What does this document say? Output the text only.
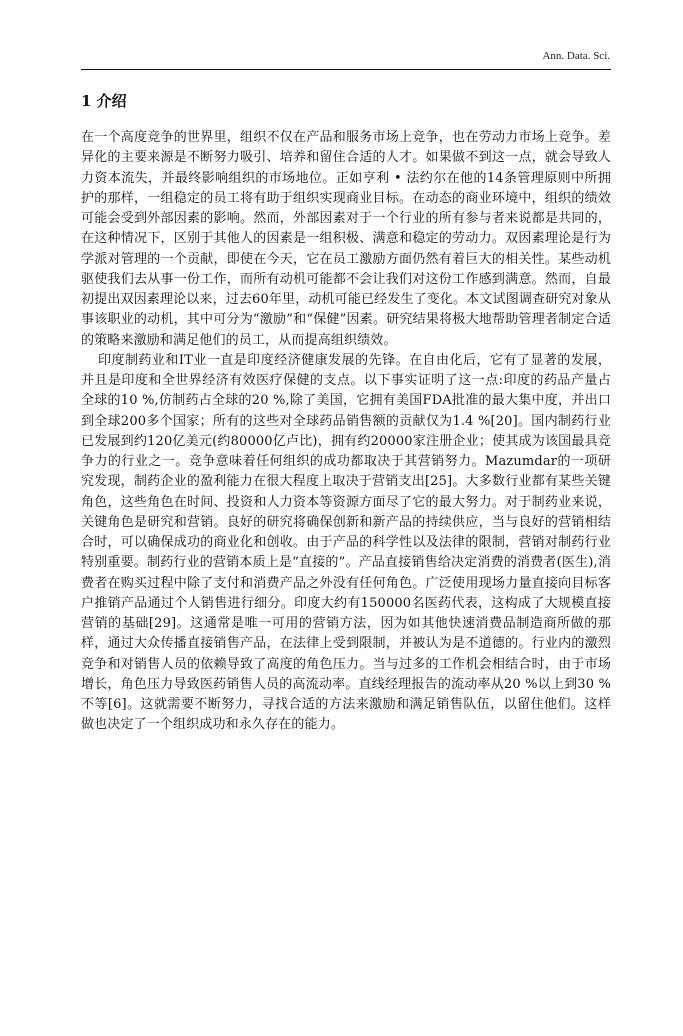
Ann. Data. Sci.
1 介绍

在一个高度竞争的世界里，组织不仅在产品和服务市场上竞争，也在劳动力市场上竞争。差异化的主要来源是不断努力吸引、培养和留住合适的人才。如果做不到这一点，就会导致人力资本流失，并最终影响组织的市场地位。正如亨利 • 法约尔在他的14条管理原则中所拥护的那样，一组稳定的员工将有助于组织实现商业目标。在动态的商业环境中，组织的绩效可能会受到外部因素的影响。然而，外部因素对于一个行业的所有参与者来说都是共同的，在这种情况下，区别于其他人的因素是一组积极、满意和稳定的劳动力。双因素理论是行为学派对管理的一个贡献，即使在今天，它在员工激励方面仍然有着巨大的相关性。某些动机驱使我们去从事一份工作，而所有动机可能都不会让我们对这份工作感到满意。然而，自最初提出双因素理论以来，过去60年里，动机可能已经发生了变化。本文试图调查研究对象从事该职业的动机，其中可分为“激励”和“保健”因素。研究结果将极大地帮助管理者制定合适的策略来激励和满足他们的员工，从而提高组织绩效。

印度制药业和IT业一直是印度经济健康发展的先锋。在自由化后，它有了显著的发展，并且是印度和全世界经济有效医疗保健的支点。以下事实证明了这一点:印度的药品产量占全球的10 %,仿制药占全球的20 %,除了美国，它拥有美国FDA批准的最大集中度，并出口到全球200多个国家；所有的这些对全球药品销售额的贡献仅为1.4 %[20]。国内制药行业已发展到约120亿美元(约80000亿卢比)，拥有约20000家注册企业；使其成为该国最具竞争力的行业之一。竞争意味着任何组织的成功都取决于其营销努力。Mazumdar的一项研究发现，制药企业的盈利能力在很大程度上取决于营销支出[25]。大多数行业都有某些关键角色，这些角色在时间、投资和人力资本等资源方面尽了它的最大努力。对于制药业来说，关键角色是研究和营销。良好的研究将确保创新和新产品的持续供应，当与良好的营销相结合时，可以确保成功的商业化和创收。由于产品的科学性以及法律的限制，营销对制药行业特别重要。制药行业的营销本质上是“直接的”。产品直接销售给决定消费的消费者(医生),消费者在购买过程中除了支付和消费产品之外没有任何角色。广泛使用现场力量直接向目标客户推销产品通过个人销售进行细分。印度大约有150000名医药代表，这构成了大规模直接营销的基础[29]。这通常是唯一可用的营销方法，因为如其他快速消费品制造商所做的那样，通过大众传播直接销售产品，在法律上受到限制，并被认为是不道德的。行业内的激烈竞争和对销售人员的依赖导致了高度的角色压力。当与过多的工作机会相结合时，由于市场增长，角色压力导致医药销售人员的高流动率。直线经理报告的流动率从20 %以上到30 %不等[6]。这就需要不断努力，寻找合适的方法来激励和满足销售队伍，以留住他们。这样做也决定了一个组织成功和永久存在的能力。
